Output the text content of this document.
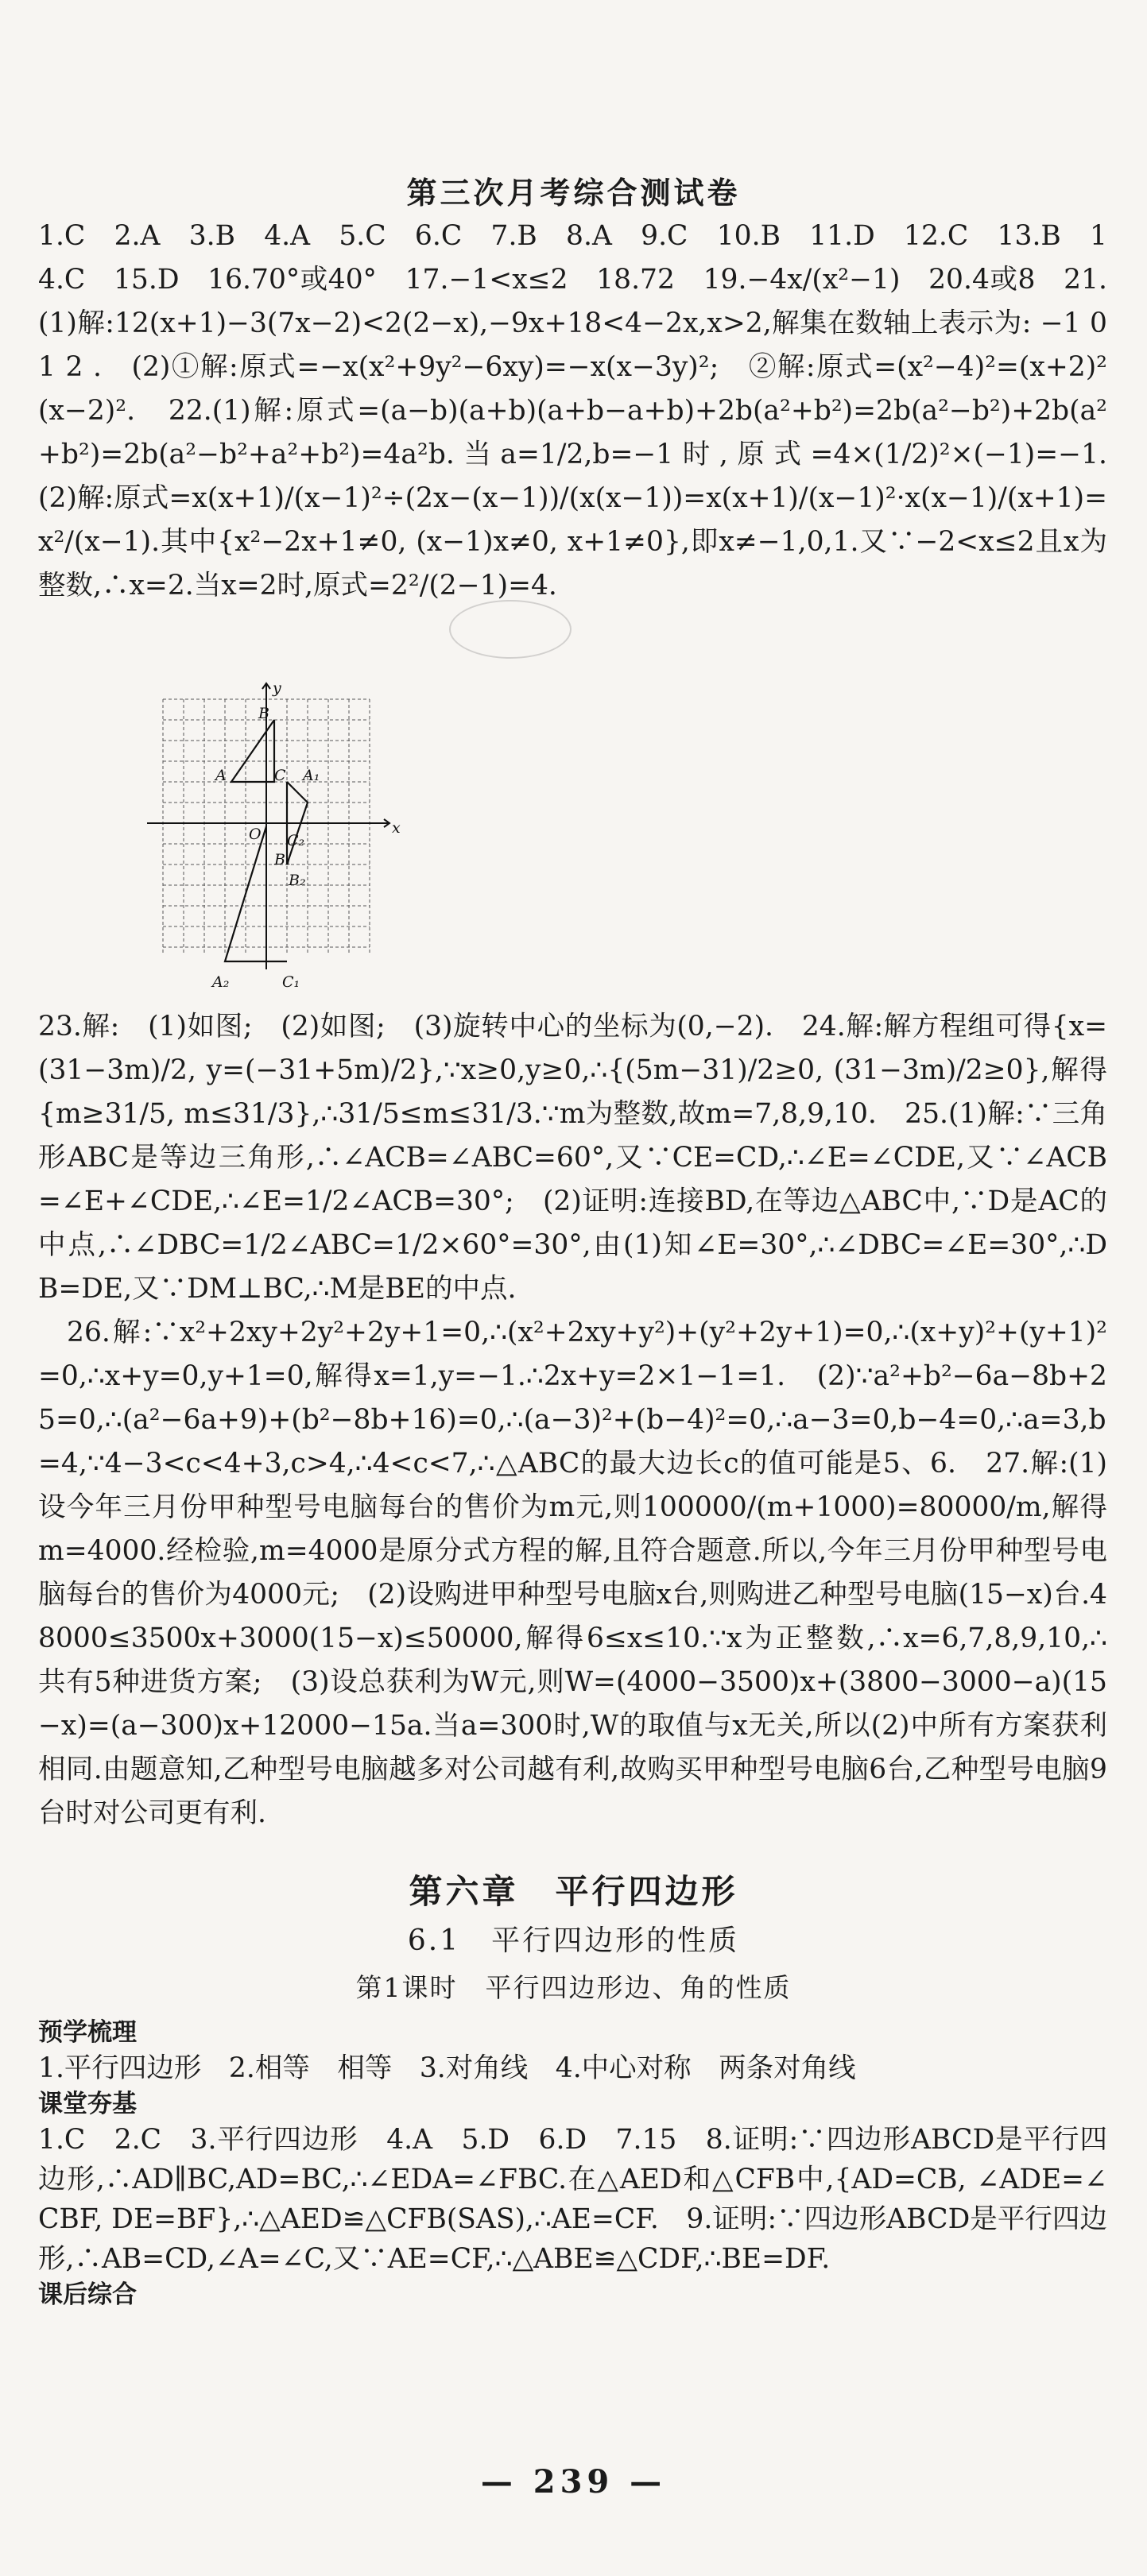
第三次月考综合测试卷

1.C　2.A　3.B　4.A　5.C　6.C　7.B　8.A　9.C　10.B　11.D　12.C　13.B　14.C　15.D　16.70°或40°　17.−1<x≤2　18.72　19.−4x/(x²−1)　20.4或8　21.(1)解:12(x+1)−3(7x−2)<2(2−x),−9x+18<4−2x,x>2,解集在数轴上表示为: −1 0 1 2 .　(2)①解:原式=−x(x²+9y²−6xy)=−x(x−3y)²;　②解:原式=(x²−4)²=(x+2)²(x−2)².　22.(1)解:原式=(a−b)(a+b)(a+b−a+b)+2b(a²+b²)=2b(a²−b²)+2b(a²+b²)=2b(a²−b²+a²+b²)=4a²b.当a=1/2,b=−1时,原式=4×(1/2)²×(−1)=−1.　(2)解:原式=x(x+1)/(x−1)²÷(2x−(x−1))/(x(x−1))=x(x+1)/(x−1)²·x(x−1)/(x+1)=x²/(x−1).其中{x²−2x+1≠0, (x−1)x≠0, x+1≠0},即x≠−1,0,1.又∵−2<x≤2且x为整数,∴x=2.当x=2时,原式=2²/(2−1)=4.

y
x
O
B
A	C A₁
B₁
C₁
A₂
B₂
C₂

23.解:　(1)如图;　(2)如图;　(3)旋转中心的坐标为(0,−2).　24.解:解方程组可得{x=(31−3m)/2, y=(−31+5m)/2},∵x≥0,y≥0,∴{(5m−31)/2≥0, (31−3m)/2≥0},解得{m≥31/5, m≤31/3},∴31/5≤m≤31/3.∵m为整数,故m=7,8,9,10.　25.(1)解:∵三角形ABC是等边三角形,∴∠ACB=∠ABC=60°,又∵CE=CD,∴∠E=∠CDE,又∵∠ACB=∠E+∠CDE,∴∠E=1/2∠ACB=30°;　(2)证明:连接BD,在等边△ABC中,∵D是AC的中点,∴∠DBC=1/2∠ABC=1/2×60°=30°,由(1)知∠E=30°,∴∠DBC=∠E=30°,∴DB=DE,又∵DM⊥BC,∴M是BE的中点.

26.解:∵x²+2xy+2y²+2y+1=0,∴(x²+2xy+y²)+(y²+2y+1)=0,∴(x+y)²+(y+1)²=0,∴x+y=0,y+1=0,解得x=1,y=−1.∴2x+y=2×1−1=1.　(2)∵a²+b²−6a−8b+25=0,∴(a²−6a+9)+(b²−8b+16)=0,∴(a−3)²+(b−4)²=0,∴a−3=0,b−4=0,∴a=3,b=4,∵4−3<c<4+3,c>4,∴4<c<7,∴△ABC的最大边长c的值可能是5、6.　27.解:(1)设今年三月份甲种型号电脑每台的售价为m元,则100000/(m+1000)=80000/m,解得m=4000.经检验,m=4000是原分式方程的解,且符合题意.所以,今年三月份甲种型号电脑每台的售价为4000元;　(2)设购进甲种型号电脑x台,则购进乙种型号电脑(15−x)台.48000≤3500x+3000(15−x)≤50000,解得6≤x≤10.∵x为正整数,∴x=6,7,8,9,10,∴共有5种进货方案;　(3)设总获利为W元,则W=(4000−3500)x+(3800−3000−a)(15−x)=(a−300)x+12000−15a.当a=300时,W的取值与x无关,所以(2)中所有方案获利相同.由题意知,乙种型号电脑越多对公司越有利,故购买甲种型号电脑6台,乙种型号电脑9台时对公司更有利.

第六章　平行四边形
6.1　平行四边形的性质
第1课时　平行四边形边、角的性质

预学梳理

1.平行四边形　2.相等　相等　3.对角线　4.中心对称　两条对角线

课堂夯基

1.C　2.C　3.平行四边形　4.A　5.D　6.D　7.15　8.证明:∵四边形ABCD是平行四边形,∴AD∥BC,AD=BC,∴∠EDA=∠FBC.在△AED和△CFB中,{AD=CB, ∠ADE=∠CBF, DE=BF},∴△AED≌△CFB(SAS),∴AE=CF.　9.证明:∵四边形ABCD是平行四边形,∴AB=CD,∠A=∠C,又∵AE=CF,∴△ABE≌△CDF,∴BE=DF.

课后综合

— 239 —
